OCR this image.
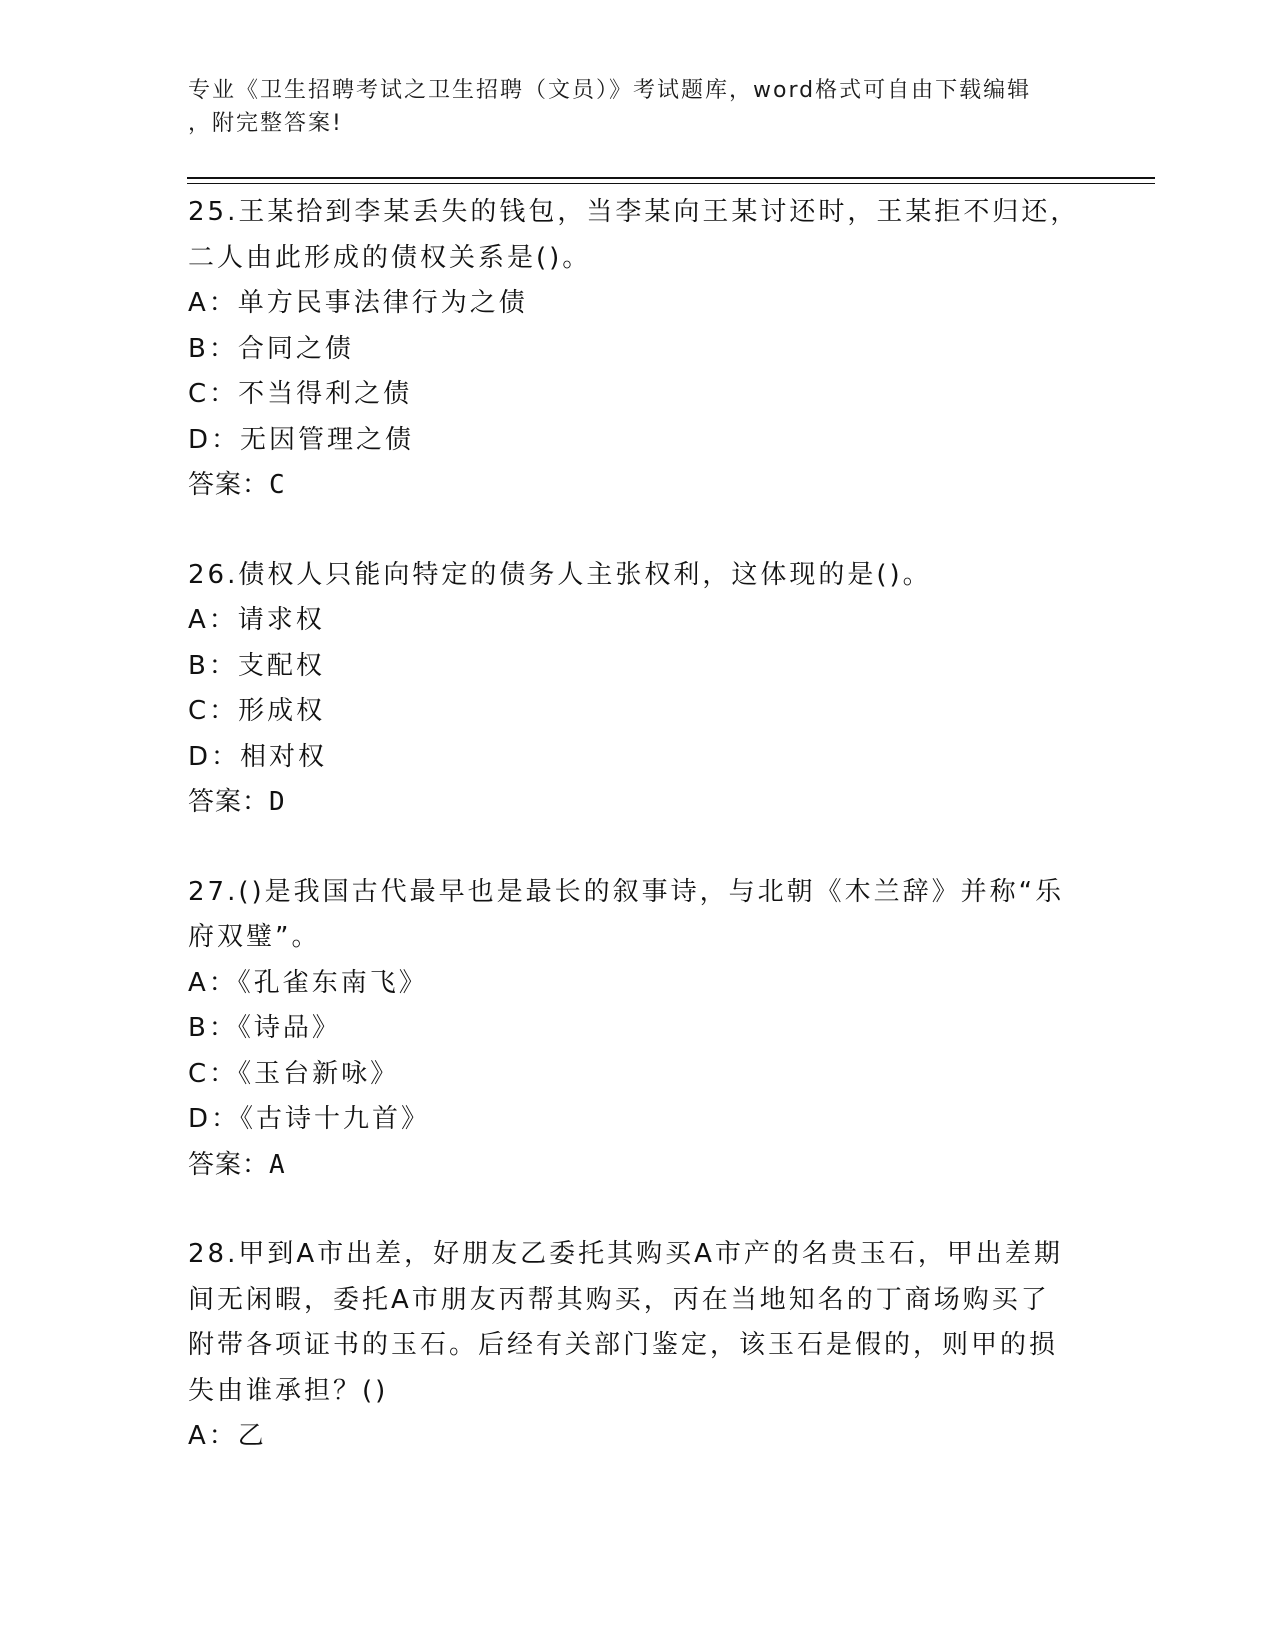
专业《卫生招聘考试之卫生招聘（文员）》考试题库，word格式可自由下载编辑
，附完整答案!

25.王某拾到李某丢失的钱包，当李某向王某讨还时，王某拒不归还，

二人由此形成的债权关系是()。

A：单方民事法律行为之债

B：合同之债

C：不当得利之债

D：无因管理之债

答案：C

26.债权人只能向特定的债务人主张权利，这体现的是()。

A：请求权

B：支配权

C：形成权

D：相对权

答案：D

27.()是我国古代最早也是最长的叙事诗，与北朝《木兰辞》并称“乐

府双璧”。

A：《孔雀东南飞》

B：《诗品》

C：《玉台新咏》

D：《古诗十九首》

答案：A

28.甲到A市出差，好朋友乙委托其购买A市产的名贵玉石，甲出差期

间无闲暇，委托A市朋友丙帮其购买，丙在当地知名的丁商场购买了

附带各项证书的玉石。后经有关部门鉴定，该玉石是假的，则甲的损

失由谁承担？()

A：乙
